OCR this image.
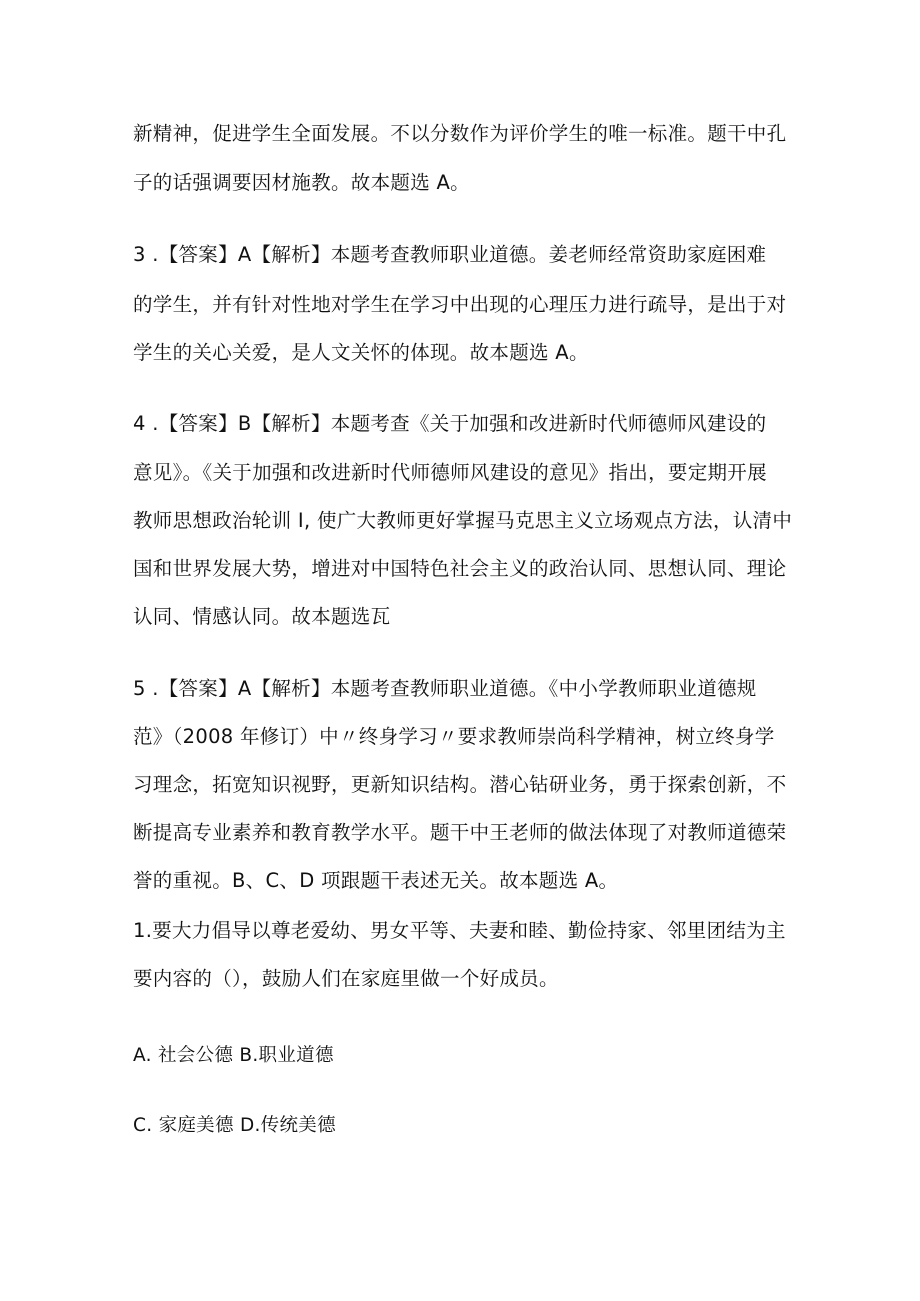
新精神，促进学生全面发展。不以分数作为评价学生的唯一标准。题干中孔

子的话强调要因材施教。故本题选 A。

3 .【答案】A【解析】本题考查教师职业道德。姜老师经常资助家庭困难

的学生，并有针对性地对学生在学习中出现的心理压力进行疏导，是出于对

学生的关心关爱，是人文关怀的体现。故本题选 A。

4 .【答案】B【解析】本题考查《关于加强和改进新时代师德师风建设的

意见》。《关于加强和改进新时代师德师风建设的意见》指出，要定期开展

教师思想政治轮训 I, 使广大教师更好掌握马克思主义立场观点方法，认清中

国和世界发展大势，增进对中国特色社会主义的政治认同、思想认同、理论

认同、情感认同。故本题选瓦

5 .【答案】A【解析】本题考查教师职业道德。《中小学教师职业道德规

范》（2008 年修订）中〃终身学习〃要求教师崇尚科学精神，树立终身学

习理念，拓宽知识视野，更新知识结构。潜心钻研业务，勇于探索创新，不

断提高专业素养和教育教学水平。题干中王老师的做法体现了对教师道德荣

誉的重视。B、C、D 项跟题干表述无关。故本题选 A。

1.要大力倡导以尊老爱幼、男女平等、夫妻和睦、勤俭持家、邻里团结为主

要内容的（），鼓励人们在家庭里做一个好成员。

A. 社会公德 B.职业道德

C. 家庭美德 D.传统美德
